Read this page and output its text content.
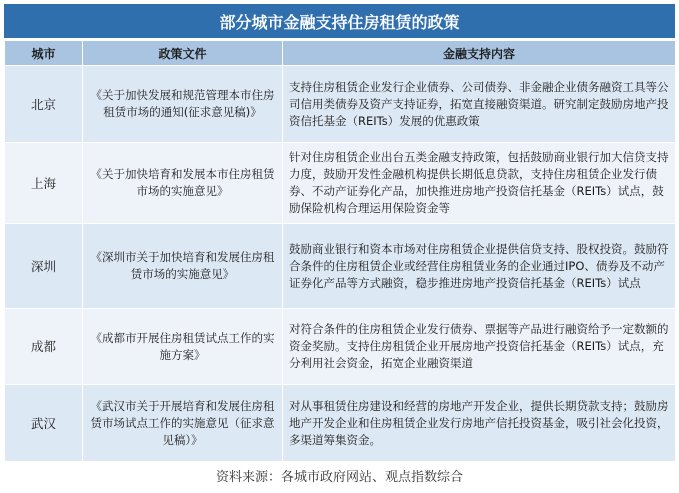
部分城市金融支持住房租赁的政策
城市	政策文件	金融支持内容
北京	《关于加快发展和规范管理本市住房租赁市场的通知(征求意见稿)》	支持住房租赁企业发行企业债券、公司债券、非金融企业债务融资工具等公司信用类债券及资产支持证券，拓宽直接融资渠道。研究制定鼓励房地产投资信托基金（REITs）发展的优惠政策
上海	《关于加快培育和发展本市住房租赁市场的实施意见》	针对住房租赁企业出台五类金融支持政策，包括鼓励商业银行加大信贷支持力度，鼓励开发性金融机构提供长期低息贷款，支持住房租赁企业发行债券、不动产证券化产品，加快推进房地产投资信托基金（REITs）试点，鼓励保险机构合理运用保险资金等
深圳	《深圳市关于加快培育和发展住房租赁市场的实施意见》	鼓励商业银行和资本市场对住房租赁企业提供信贷支持、股权投资。鼓励符合条件的住房租赁企业或经营住房租赁业务的企业通过IPO、债券及不动产证券化产品等方式融资，稳步推进房地产投资信托基金（REITs）试点
成都	《成都市开展住房租赁试点工作的实施方案》	对符合条件的住房租赁企业发行债券、票据等产品进行融资给予一定数额的资金奖励。支持住房租赁企业开展房地产投资信托基金（REITs）试点，充分利用社会资金，拓宽企业融资渠道
武汉	《武汉市关于开展培育和发展住房租赁市场试点工作的实施意见（征求意见稿）》	对从事租赁住房建设和经营的房地产开发企业，提供长期贷款支持；鼓励房地产开发企业和住房租赁企业发行房地产信托投资基金，吸引社会化投资，多渠道筹集资金。
资料来源：各城市政府网站、观点指数综合
